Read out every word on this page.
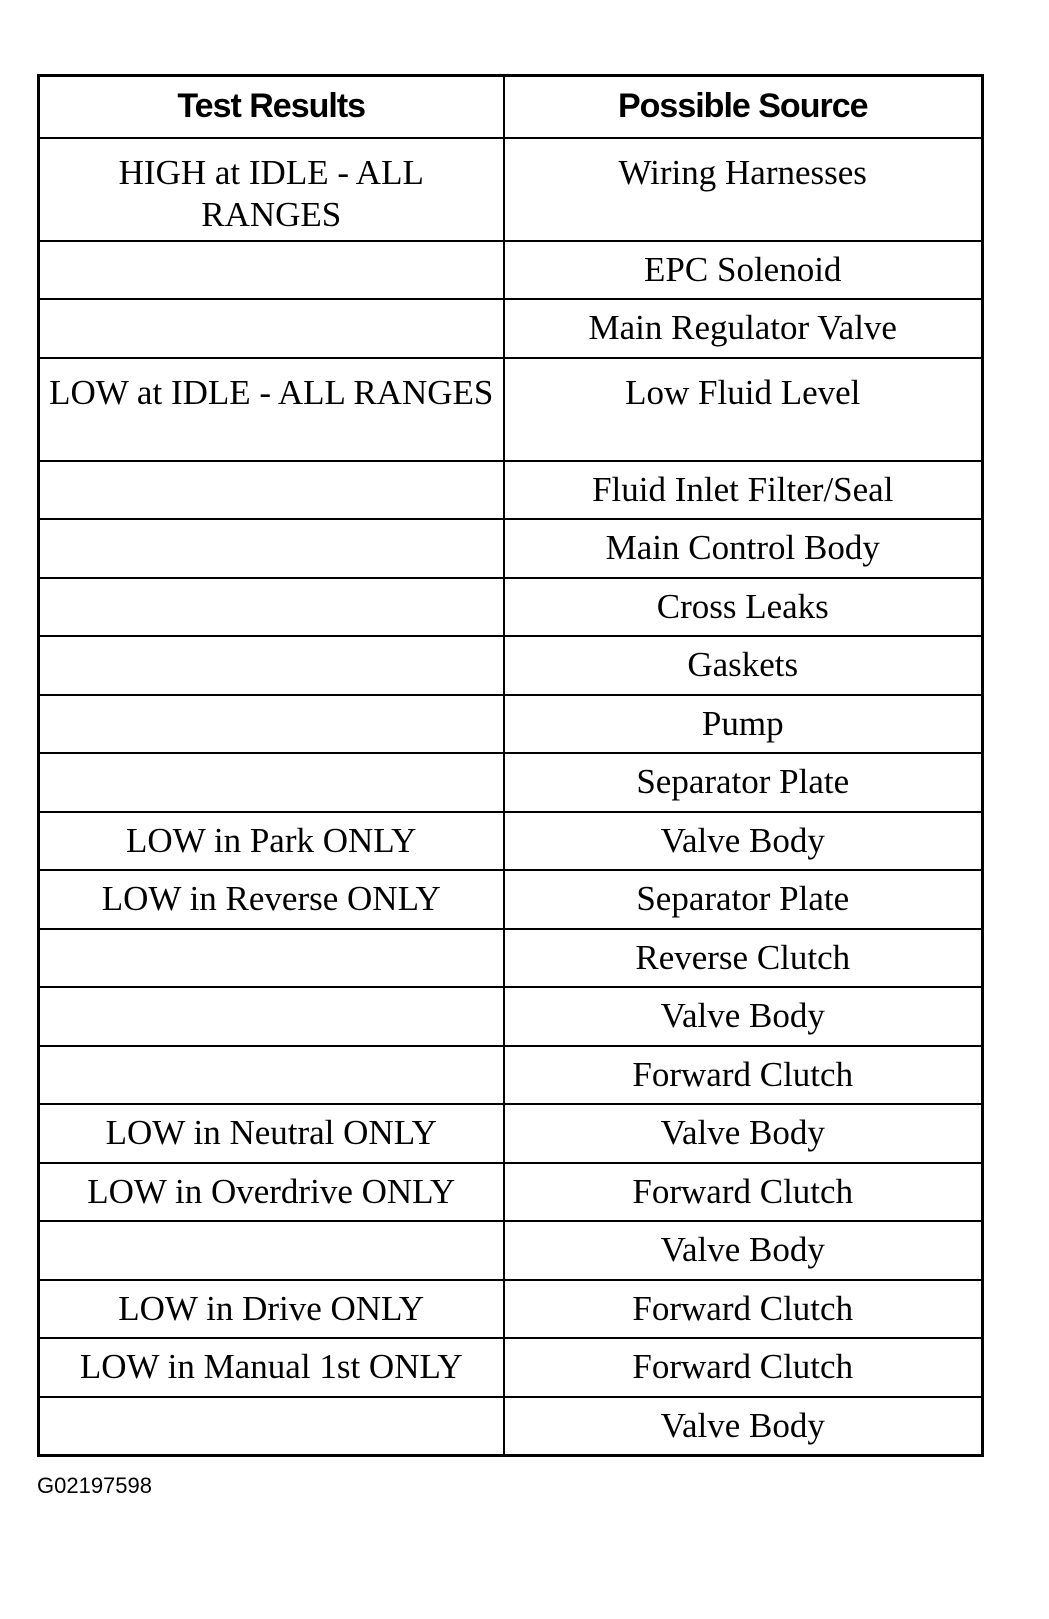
Test Results	Possible Source
HIGH at IDLE - ALL RANGES	Wiring Harnesses
	EPC Solenoid
	Main Regulator Valve
LOW at IDLE - ALL RANGES	Low Fluid Level
	Fluid Inlet Filter/Seal
	Main Control Body
	Cross Leaks
	Gaskets
	Pump
	Separator Plate
LOW in Park ONLY	Valve Body
LOW in Reverse ONLY	Separator Plate
	Reverse Clutch
	Valve Body
	Forward Clutch
LOW in Neutral ONLY	Valve Body
LOW in Overdrive ONLY	Forward Clutch
	Valve Body
LOW in Drive ONLY	Forward Clutch
LOW in Manual 1st ONLY	Forward Clutch
	Valve Body
G02197598
